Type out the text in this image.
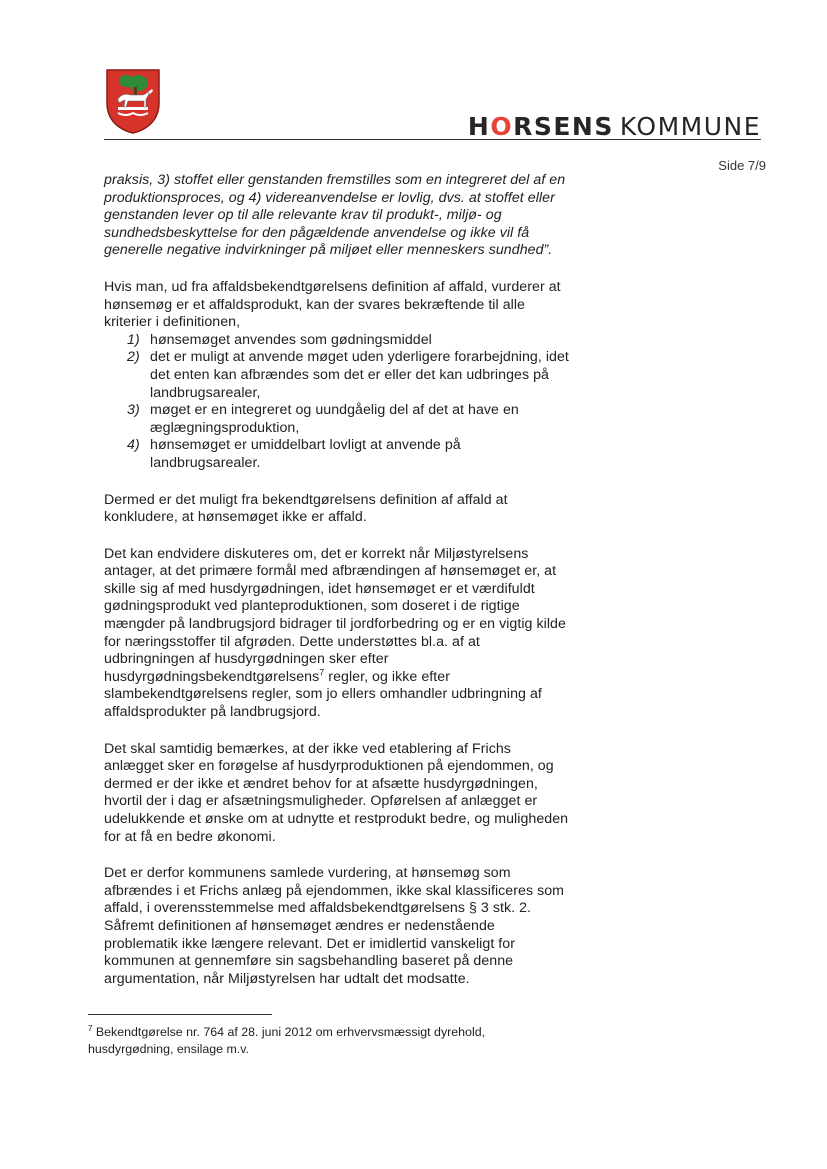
HORSENS KOMMUNE
Side 7/9

praksis, 3) stoffet eller genstanden fremstilles som en integreret del af en produktionsproces, og 4) videreanvendelse er lovlig, dvs. at stoffet eller genstanden lever op til alle relevante krav til produkt-, miljø- og sundhedsbeskyttelse for den pågældende anvendelse og ikke vil få generelle negative indvirkninger på miljøet eller menneskers sundhed”.

Hvis man, ud fra affaldsbekendtgørelsens definition af affald, vurderer at hønsemøg er et affaldsprodukt, kan der svares bekræftende til alle kriterier i definitionen,

1) hønsemøget anvendes som gødningsmiddel
2) det er muligt at anvende møget uden yderligere forarbejdning, idet det enten kan afbrændes som det er eller det kan udbringes på landbrugsarealer,
3) møget er en integreret og uundgåelig del af det at have en æglægningsproduktion,
4) hønsemøget er umiddelbart lovligt at anvende på landbrugsarealer.

Dermed er det muligt fra bekendtgørelsens definition af affald at konkludere, at hønsemøget ikke er affald.

Det kan endvidere diskuteres om, det er korrekt når Miljøstyrelsens antager, at det primære formål med afbrændingen af hønsemøget er, at skille sig af med husdyrgødningen, idet hønsemøget er et værdifuldt gødningsprodukt ved planteproduktionen, som doseret i de rigtige mængder på landbrugsjord bidrager til jordforbedring og er en vigtig kilde for næringsstoffer til afgrøden. Dette understøttes bl.a. af at udbringningen af husdyrgødningen sker efter husdyrgødningsbekendtgørelsens$^7$ regler, og ikke efter slambekendtgørelsens regler, som jo ellers omhandler udbringning af affaldsprodukter på landbrugsjord.

Det skal samtidig bemærkes, at der ikke ved etablering af Frichs anlægget sker en forøgelse af husdyrproduktionen på ejendommen, og dermed er der ikke et ændret behov for at afsætte husdyrgødningen, hvortil der i dag er afsætningsmuligheder. Opførelsen af anlægget er udelukkende et ønske om at udnytte et restprodukt bedre, og muligheden for at få en bedre økonomi.

Det er derfor kommunens samlede vurdering, at hønsemøg som afbrændes i et Frichs anlæg på ejendommen, ikke skal klassificeres som affald, i overensstemmelse med affaldsbekendtgørelsens § 3 stk. 2. Såfremt definitionen af hønsemøget ændres er nedenstående problematik ikke længere relevant. Det er imidlertid vanskeligt for kommunen at gennemføre sin sagsbehandling baseret på denne argumentation, når Miljøstyrelsen har udtalt det modsatte.

$^7$ Bekendtgørelse nr. 764 af 28. juni 2012 om erhvervsmæssigt dyrehold, husdyrgødning, ensilage m.v.
